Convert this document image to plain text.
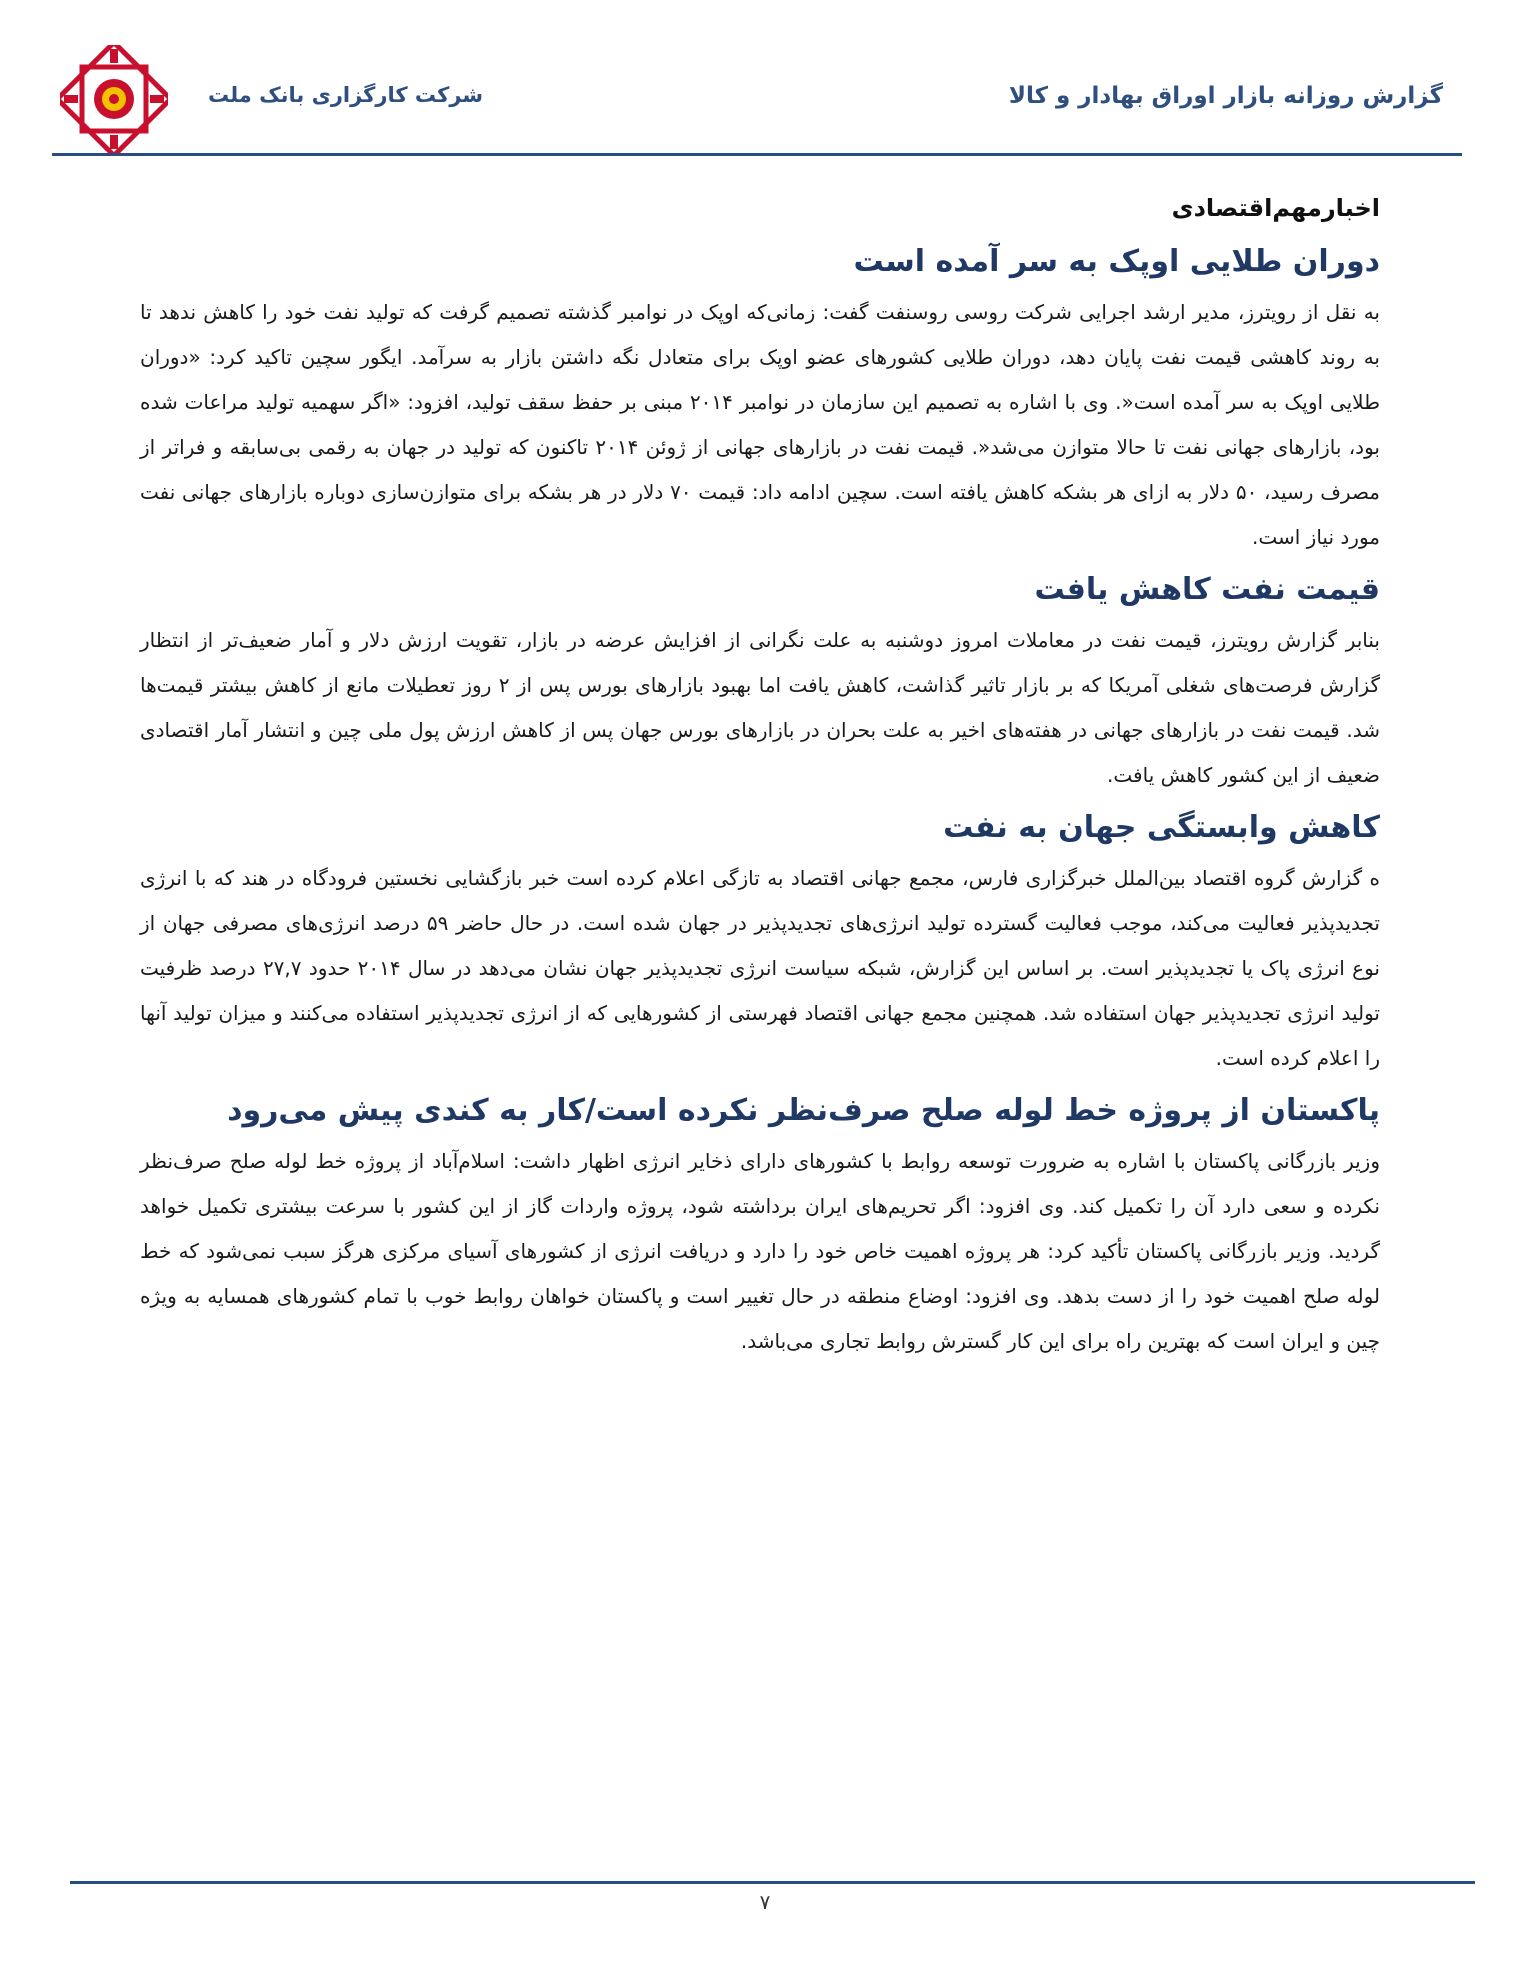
شرکت کارگزاری بانک ملت	گزارش روزانه بازار اوراق بهادار و کالا
اخبارمهم‌اقتصادی
دوران طلایی اوپک به سر آمده است

به نقل از رویترز، مدیر ارشد اجرایی شرکت روسی روسنفت گفت: زمانی‌که اوپک در نوامبر گذشته تصمیم گرفت که تولید نفت خود را کاهش ندهد تا به روند کاهشی قیمت نفت پایان دهد، دوران طلایی کشورهای عضو اوپک برای متعادل نگه داشتن بازار به سرآمد. ایگور سچین تاکید کرد: «دوران طلایی اوپک به سر آمده است«. وی با اشاره به تصمیم این سازمان در نوامبر ۲۰۱۴ مبنی بر حفظ سقف تولید، افزود: «اگر سهمیه تولید مراعات شده بود، بازارهای جهانی نفت تا حالا متوازن می‌شد«. قیمت نفت در بازارهای جهانی از ژوئن ۲۰۱۴ تاکنون که تولید در جهان به رقمی بی‌سابقه و فراتر از مصرف رسید، ۵۰ دلار به ازای هر بشکه کاهش یافته است. سچین ادامه داد: قیمت ۷۰ دلار در هر بشکه برای متوازن‌سازی دوباره بازارهای جهانی نفت مورد نیاز است.

قیمت نفت کاهش یافت

بنابر گزارش رویترز، قیمت نفت در معاملات امروز دوشنبه به علت نگرانی از افزایش عرضه در بازار، تقویت ارزش دلار و آمار ضعیف‌تر از انتظار گزارش فرصت‌های شغلی آمریکا که بر بازار تاثیر گذاشت، کاهش یافت اما بهبود بازارهای بورس پس از ۲ روز تعطیلات مانع از کاهش بیشتر قیمت‌ها شد. قیمت نفت در بازارهای جهانی در هفته‌های اخیر به علت بحران در بازارهای بورس جهان پس از کاهش ارزش پول ملی چین و انتشار آمار اقتصادی ضعیف از این کشور کاهش یافت.

کاهش وابستگی جهان به نفت

ه گزارش گروه اقتصاد بین‌الملل خبرگزاری فارس، مجمع جهانی اقتصاد به تازگی اعلام کرده است خبر بازگشایی نخستین فرودگاه در هند که با انرژی تجدیدپذیر فعالیت می‌کند، موجب فعالیت گسترده تولید انرژی‌های تجدیدپذیر در جهان شده است. در حال حاضر ۵۹ درصد انرژی‌های مصرفی جهان از نوع انرژی پاک یا تجدیدپذیر است. بر اساس این گزارش، شبکه سیاست انرژی تجدیدپذیر جهان نشان می‌دهد در سال ۲۰۱۴ حدود ۲۷,۷ درصد ظرفیت تولید انرژی تجدیدپذیر جهان استفاده شد. همچنین مجمع جهانی اقتصاد فهرستی از کشورهایی که از انرژی تجدیدپذیر استفاده می‌کنند و میزان تولید آنها را اعلام کرده است.

پاکستان از پروژه خط لوله صلح صرف‌نظر نکرده است/کار به کندی پیش می‌رود

وزیر بازرگانی پاکستان با اشاره به ضرورت توسعه روابط با کشورهای دارای ذخایر انرژی اظهار داشت: اسلام‌آباد از پروژه خط لوله صلح صرف‌نظر نکرده و سعی دارد آن را تکمیل کند. وی افزود: اگر تحریم‌های ایران برداشته شود، پروژه واردات گاز از این کشور با سرعت بیشتری تکمیل خواهد گردید. وزیر بازرگانی پاکستان تأکید کرد: هر پروژه اهمیت خاص خود را دارد و دریافت انرژی از کشورهای آسیای مرکزی هرگز سبب نمی‌شود که خط لوله صلح اهمیت خود را از دست بدهد. وی افزود: اوضاع منطقه در حال تغییر است و پاکستان خواهان روابط خوب با تمام کشورهای همسایه به ویژه چین و ایران است که بهترین راه برای این کار گسترش روابط تجاری می‌باشد.

۷
